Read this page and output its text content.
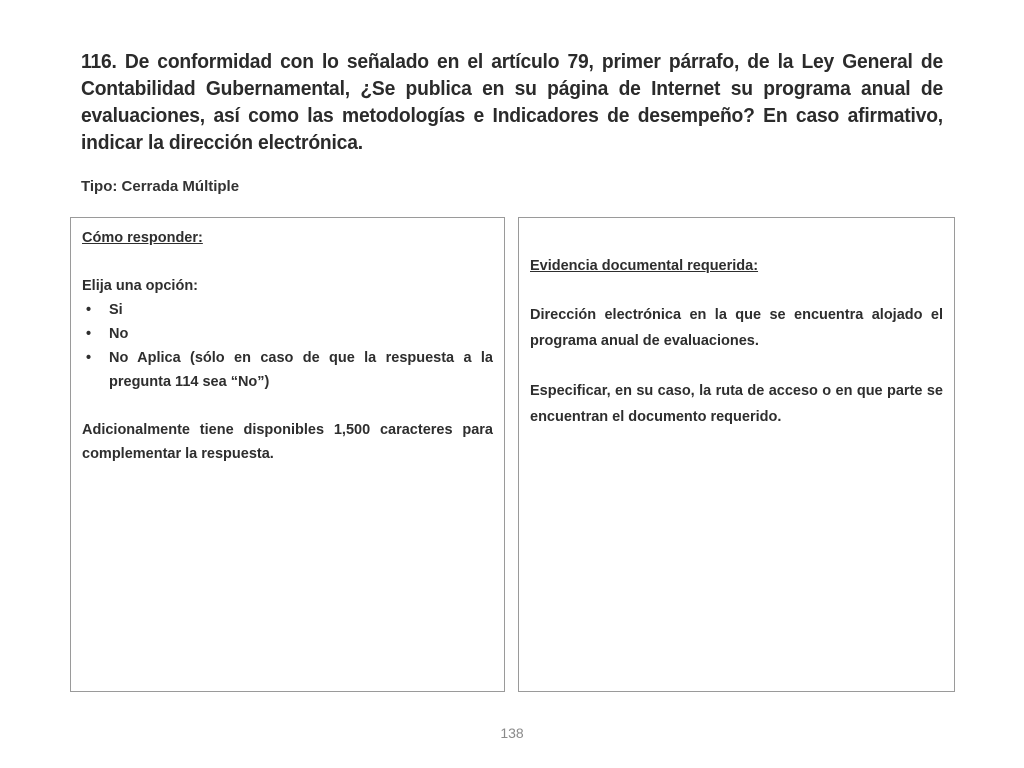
116. De conformidad con lo señalado en el artículo 79, primer párrafo, de la Ley General de Contabilidad Gubernamental, ¿Se publica en su página de Internet su programa anual de evaluaciones, así como las metodologías e Indicadores de desempeño? En caso afirmativo, indicar la dirección electrónica.

Tipo: Cerrada Múltiple

Cómo responder:

Elija una opción:

• Si
• No
• No Aplica (sólo en caso de que la respuesta a la pregunta 114 sea “No”)

Adicionalmente tiene disponibles 1,500 caracteres para complementar la respuesta.

Evidencia documental requerida:

Dirección electrónica en la que se encuentra alojado el programa anual de evaluaciones.

Especificar, en su caso, la ruta de acceso o en que parte se encuentran el documento requerido.

138
